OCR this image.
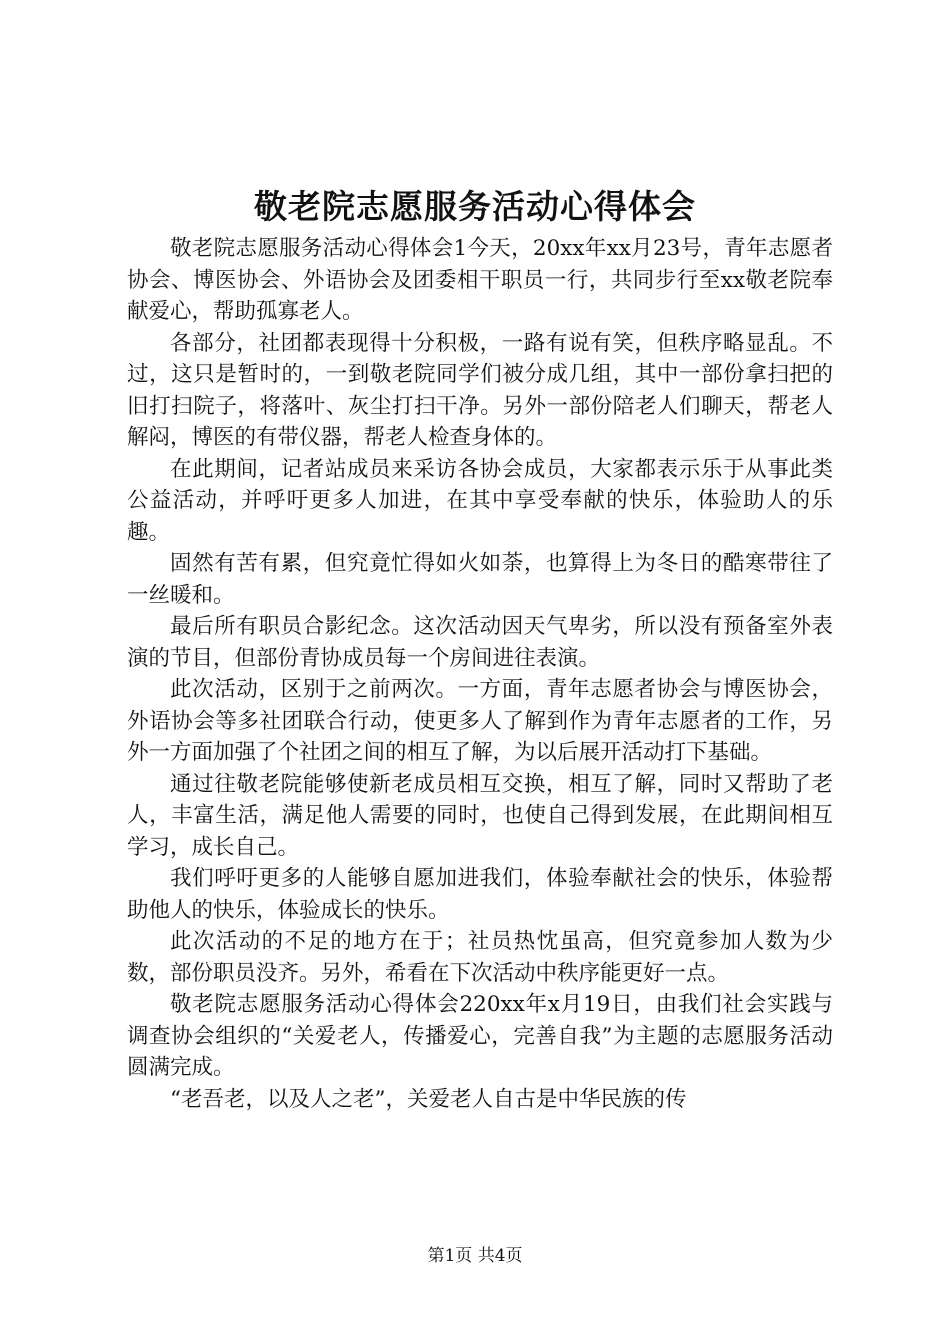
敬老院志愿服务活动心得体会

敬老院志愿服务活动心得体会1今天，20xx年xx月23号，青年志愿者协会、博医协会、外语协会及团委相干职员一行，共同步行至xx敬老院奉献爱心，帮助孤寡老人。

各部分，社团都表现得十分积极，一路有说有笑，但秩序略显乱。不过，这只是暂时的，一到敬老院同学们被分成几组，其中一部份拿扫把的旧打扫院子，将落叶、灰尘打扫干净。另外一部份陪老人们聊天，帮老人解闷，博医的有带仪器，帮老人检查身体的。

在此期间，记者站成员来采访各协会成员，大家都表示乐于从事此类公益活动，并呼吁更多人加进，在其中享受奉献的快乐，体验助人的乐趣。

固然有苦有累，但究竟忙得如火如荼，也算得上为冬日的酷寒带往了一丝暖和。

最后所有职员合影纪念。这次活动因天气卑劣，所以没有预备室外表演的节目，但部份青协成员每一个房间进往表演。

此次活动，区别于之前两次。一方面，青年志愿者协会与博医协会，外语协会等多社团联合行动，使更多人了解到作为青年志愿者的工作，另外一方面加强了个社团之间的相互了解，为以后展开活动打下基础。

通过往敬老院能够使新老成员相互交换，相互了解，同时又帮助了老人，丰富生活，满足他人需要的同时，也使自己得到发展，在此期间相互学习，成长自己。

我们呼吁更多的人能够自愿加进我们，体验奉献社会的快乐，体验帮助他人的快乐，体验成长的快乐。

此次活动的不足的地方在于；社员热忱虽高，但究竟参加人数为少数，部份职员没齐。另外，希看在下次活动中秩序能更好一点。

敬老院志愿服务活动心得体会220xx年x月19日，由我们社会实践与调查协会组织的“关爱老人，传播爱心，完善自我”为主题的志愿服务活动圆满完成。

“老吾老，以及人之老”，关爱老人自古是中华民族的传

第1页 共4页
